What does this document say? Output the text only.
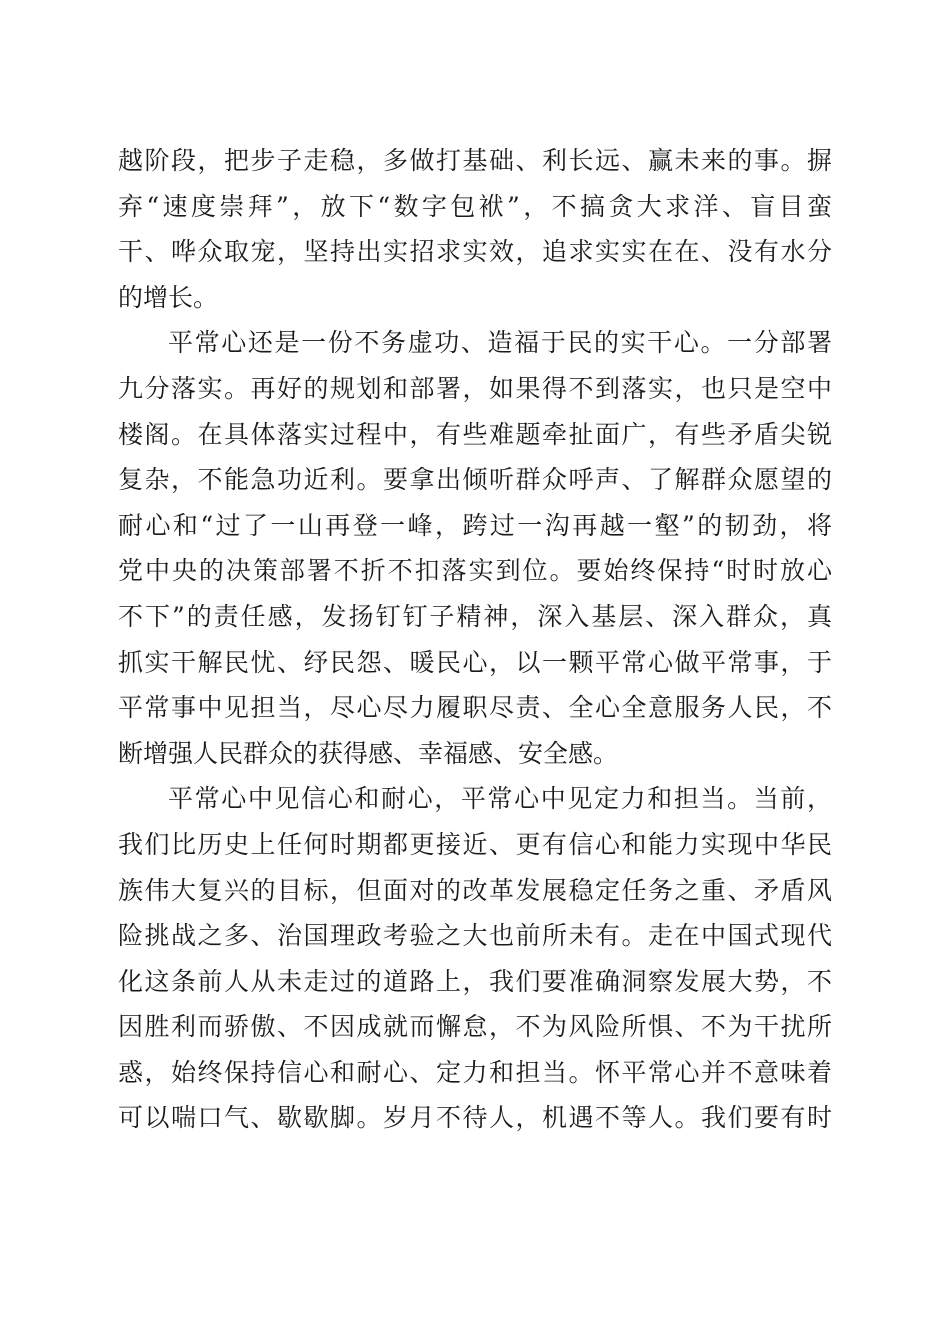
越阶段，把步子走稳，多做打基础、利长远、赢未来的事。摒
弃“速度崇拜”，放下“数字包袱”，不搞贪大求洋、盲目蛮
干、哗众取宠，坚持出实招求实效，追求实实在在、没有水分
的增长。
平常心还是一份不务虚功、造福于民的实干心。一分部署
九分落实。再好的规划和部署，如果得不到落实，也只是空中
楼阁。在具体落实过程中，有些难题牵扯面广，有些矛盾尖锐
复杂，不能急功近利。要拿出倾听群众呼声、了解群众愿望的
耐心和“过了一山再登一峰，跨过一沟再越一壑”的韧劲，将
党中央的决策部署不折不扣落实到位。要始终保持“时时放心
不下”的责任感，发扬钉钉子精神，深入基层、深入群众，真
抓实干解民忧、纾民怨、暖民心，以一颗平常心做平常事，于
平常事中见担当，尽心尽力履职尽责、全心全意服务人民，不
断增强人民群众的获得感、幸福感、安全感。
平常心中见信心和耐心，平常心中见定力和担当。当前，
我们比历史上任何时期都更接近、更有信心和能力实现中华民
族伟大复兴的目标，但面对的改革发展稳定任务之重、矛盾风
险挑战之多、治国理政考验之大也前所未有。走在中国式现代
化这条前人从未走过的道路上，我们要准确洞察发展大势，不
因胜利而骄傲、不因成就而懈怠，不为风险所惧、不为干扰所
惑，始终保持信心和耐心、定力和担当。怀平常心并不意味着
可以喘口气、歇歇脚。岁月不待人，机遇不等人。我们要有时
